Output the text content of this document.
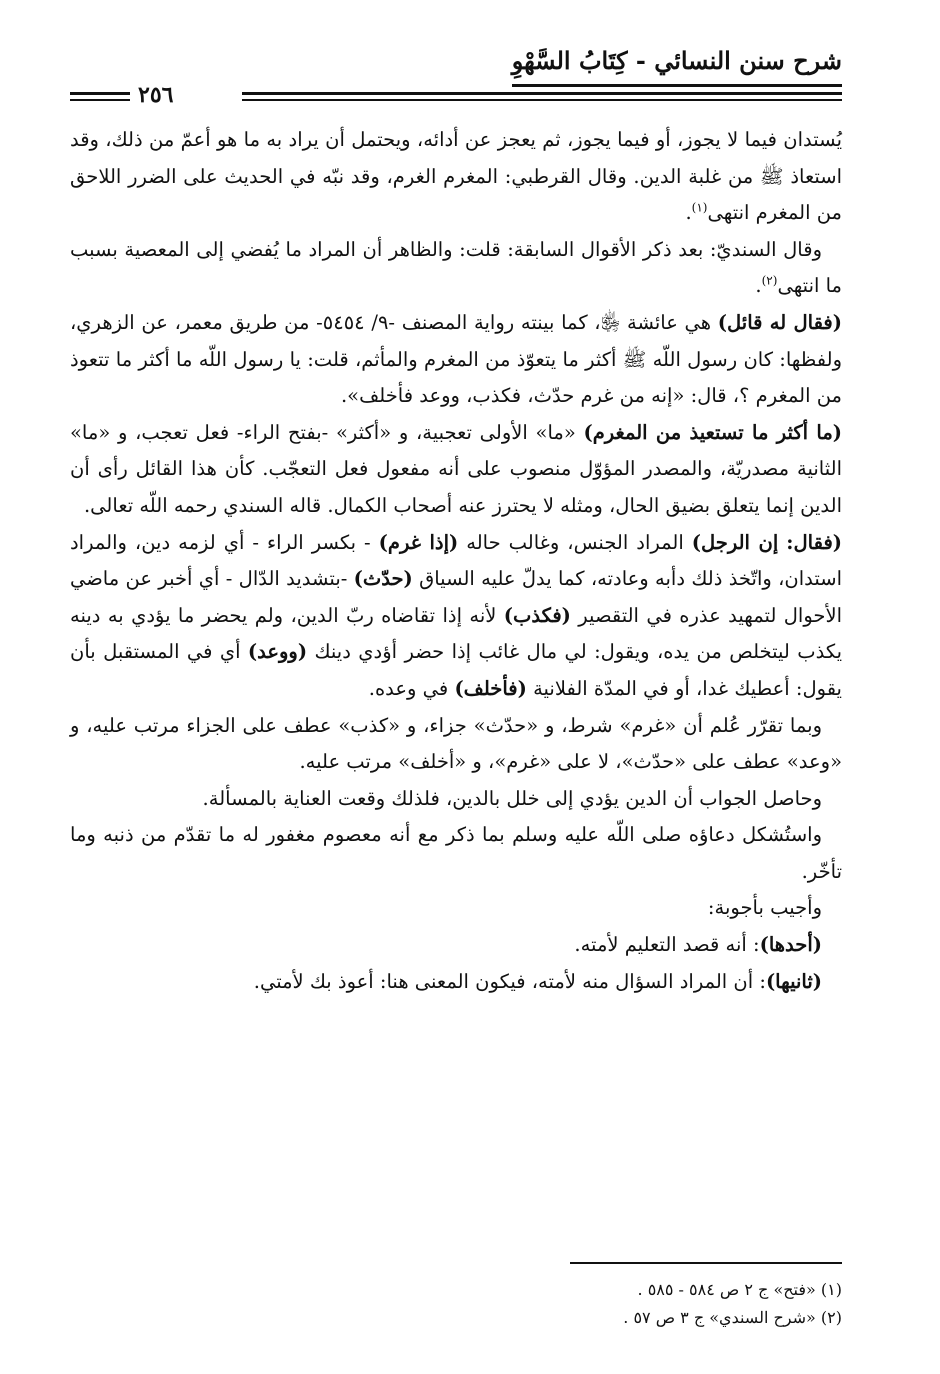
شرح سنن النسائي - كِتَابُ السَّهْوِ
٢٥٦

يُستدان فيما لا يجوز، أو فيما يجوز، ثم يعجز عن أدائه، ويحتمل أن يراد به ما هو أعمّ من ذلك، وقد استعاذ ﷺ من غلبة الدين. وقال القرطبي: المغرم الغرم، وقد نبّه في الحديث على الضرر اللاحق من المغرم انتهى$^{(١)}$.

وقال السنديّ: بعد ذكر الأقوال السابقة: قلت: والظاهر أن المراد ما يُفضي إلى المعصية بسبب ما انتهى$^{(٢)}$.

(فقال له قائل) هي عائشة ﵂، كما بينته رواية المصنف -٩/ ٥٤٥٤- من طريق معمر، عن الزهري، ولفظها: كان رسول اللّه ﷺ أكثر ما يتعوّذ من المغرم والمأثم، قلت: يا رسول اللّه ما أكثر ما تتعوذ من المغرم ؟، قال: «إنه من غرم حدّث، فكذب، ووعد فأخلف».

(ما أكثر ما تستعيذ من المغرم) «ما» الأولى تعجبية، و «أكثر» -بفتح الراء- فعل تعجب، و «ما» الثانية مصدريّة، والمصدر المؤوّل منصوب على أنه مفعول فعل التعجّب. كأن هذا القائل رأى أن الدين إنما يتعلق بضيق الحال، ومثله لا يحترز عنه أصحاب الكمال. قاله السندي رحمه اللّه تعالى.

(فقال: إن الرجل) المراد الجنس، وغالب حاله (إذا غرم) - بكسر الراء - أي لزمه دين، والمراد استدان، واتّخذ ذلك دأبه وعادته، كما يدلّ عليه السياق (حدّث) -بتشديد الدّال - أي أخبر عن ماضي الأحوال لتمهيد عذره في التقصير (فكذب) لأنه إذا تقاضاه ربّ الدين، ولم يحضر ما يؤدي به دينه يكذب ليتخلص من يده، ويقول: لي مال غائب إذا حضر أؤدي دينك (ووعد) أي في المستقبل بأن يقول: أعطيك غدا، أو في المدّة الفلانية (فأخلف) في وعده.

وبما تقرّر عُلم أن «غرم» شرط، و «حدّث» جزاء، و «كذب» عطف على الجزاء مرتب عليه، و «وعد» عطف على «حدّث»، لا على «غرم»، و «أخلف» مرتب عليه.

وحاصل الجواب أن الدين يؤدي إلى خلل بالدين، فلذلك وقعت العناية بالمسألة.

واستُشكل دعاؤه صلى اللّه عليه وسلم بما ذكر مع أنه معصوم مغفور له ما تقدّم من ذنبه وما تأخّر.

وأجيب بأجوبة:

(أحدها): أنه قصد التعليم لأمته.

(ثانيها): أن المراد السؤال منه لأمته، فيكون المعنى هنا: أعوذ بك لأمتي.

(١) «فتح» ج ٢ ص ٥٨٤ - ٥٨٥ .

(٢) «شرح السندي» ج ٣ ص ٥٧ .
